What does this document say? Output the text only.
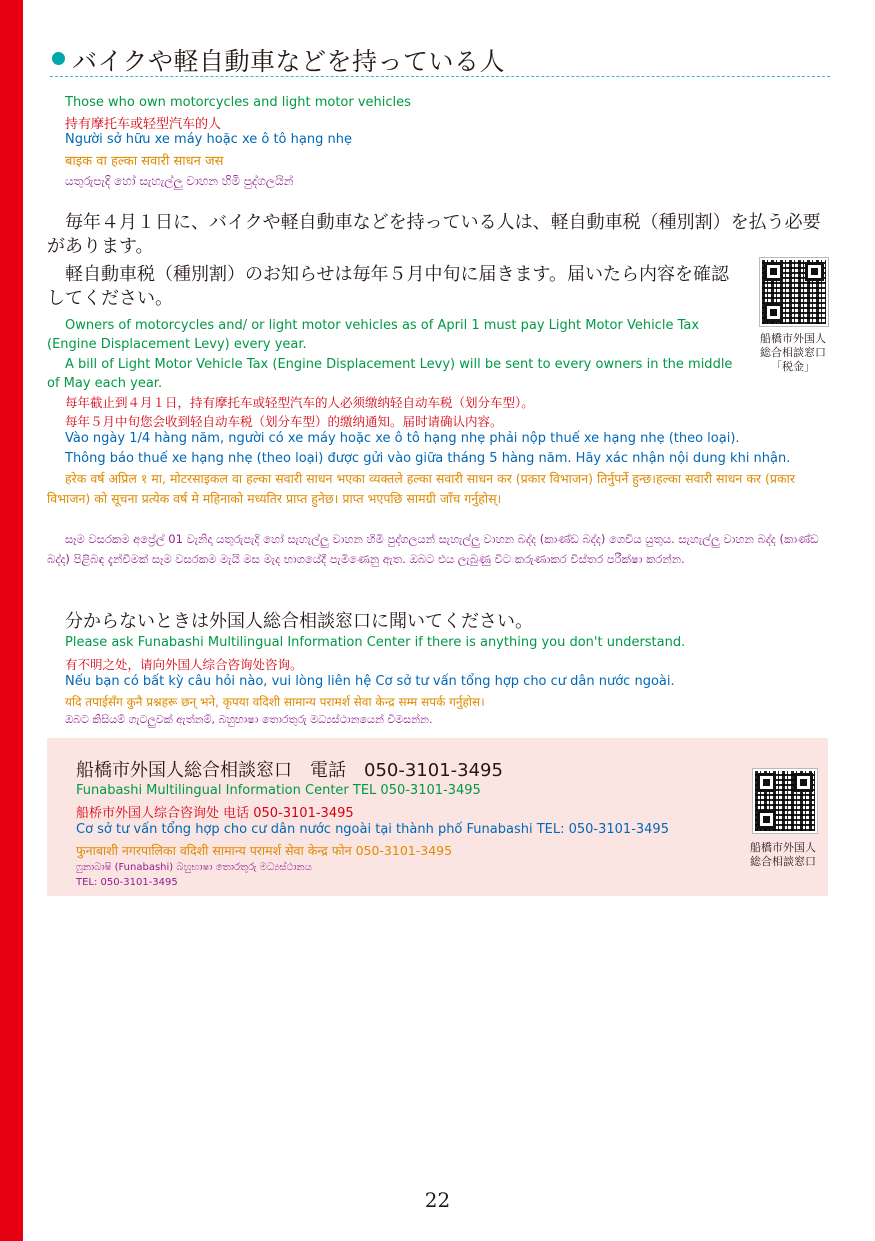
バイクや軽自動車などを持っている人
Those who own motorcycles and light motor vehicles
持有摩托车或轻型汽车的人
Người sở hữu xe máy hoặc xe ô tô hạng nhẹ
बाइक वा हल्का सवारी साधन जस
යතුරුපැදි හෝ සැහැල්ලු වාහන හිමි පුද්ගලයින්
毎年４月１日に、バイクや軽自動車などを持っている人は、軽自動車税（種別割）を払う必要があります。
軽自動車税（種別割）のお知らせは毎年５月中旬に届きます。届いたら内容を確認してください。
船橋市外国人
総合相談窓口
「税金」
Owners of motorcycles and/ or light motor vehicles as of April 1 must pay Light Motor Vehicle Tax (Engine Displacement Levy) every year.
A bill of Light Motor Vehicle Tax (Engine Displacement Levy) will be sent to every owners in the middle of May each year.
每年截止到４月１日，持有摩托车或轻型汽车的人必须缴纳轻自动车税（划分车型）。
每年５月中旬您会收到轻自动车税（划分车型）的缴纳通知。届时请确认内容。
Vào ngày 1/4 hàng năm, người có xe máy hoặc xe ô tô hạng nhẹ phải nộp thuế xe hạng nhẹ (theo loại).
Thông báo thuế xe hạng nhẹ (theo loại) được gửi vào giữa tháng 5 hàng năm. Hãy xác nhận nội dung khi nhận.
हरेक वर्ष अप्रिल १ मा, मोटरसाइकल वा हल्का सवारी साधन भएका व्यक्तले हल्का सवारी साधन कर (प्रकार विभाजन) तिर्नुपर्ने हुन्छ।हल्का सवारी साधन कर (प्रकार विभाजन) को सूचना प्रत्येक वर्ष मे महिनाको मध्यतिर प्राप्त हुनेछ। प्राप्त भएपछि सामग्री जाँच गर्नुहोस्।
සෑම වසරකම අප්‍රේල් 01 වැනිදා යතුරුපැදි හෝ සැහැල්ලු වාහන හිමි පුද්ගලයන් සැහැල්ලු වාහන බද්ද (කාණ්ඩ බද්ද) ගෙවිය යුතුය. සැහැල්ලු වාහන බද්ද (කාණ්ඩ බද්ද) පිළිබඳ දැන්වීමක් සෑම වසරකම මැයි මස මැද භාගයේදී පැමිණෙනු ඇත. ඔබට එය ලැබුණු විට කරුණාකර විස්තර පරීක්ෂා කරන්න.
分からないときは外国人総合相談窓口に聞いてください。
Please ask Funabashi Multilingual Information Center if there is anything you don't understand.
有不明之处，请向外国人综合咨询处咨询。
Nếu bạn có bất kỳ câu hỏi nào, vui lòng liên hệ Cơ sở tư vấn tổng hợp cho cư dân nước ngoài.
यदि तपाईसँग कुनै प्रश्नहरू छन् भने, कृपया वदिशी सामान्य परामर्श सेवा केन्द्र सम्म सपर्क गर्नुहोस।
ඔබට කිසියම් ගැටලුවක් ඇත්නම්, බහුභාෂා තොරතුරු මධ්‍යස්ථානයෙන් විමසන්න.
船橋市外国人総合相談窓口　電話　050-3101-3495
Funabashi Multilingual Information Center TEL 050-3101-3495
船桥市外国人综合咨询处 电话 050-3101-3495
Cơ sở tư vấn tổng hợp cho cư dân nước ngoài tại thành phố Funabashi TEL: 050-3101-3495
फुनाबाशी नगरपालिका वदिशी सामान्य परामर्श सेवा केन्द्र फोन 050-3101-3495
ෆුනාබාෂි (Funabashi) බහුභාෂා තොරතුරු මධ්‍යස්ථානය
TEL: 050-3101-3495
船橋市外国人
総合相談窓口
22
